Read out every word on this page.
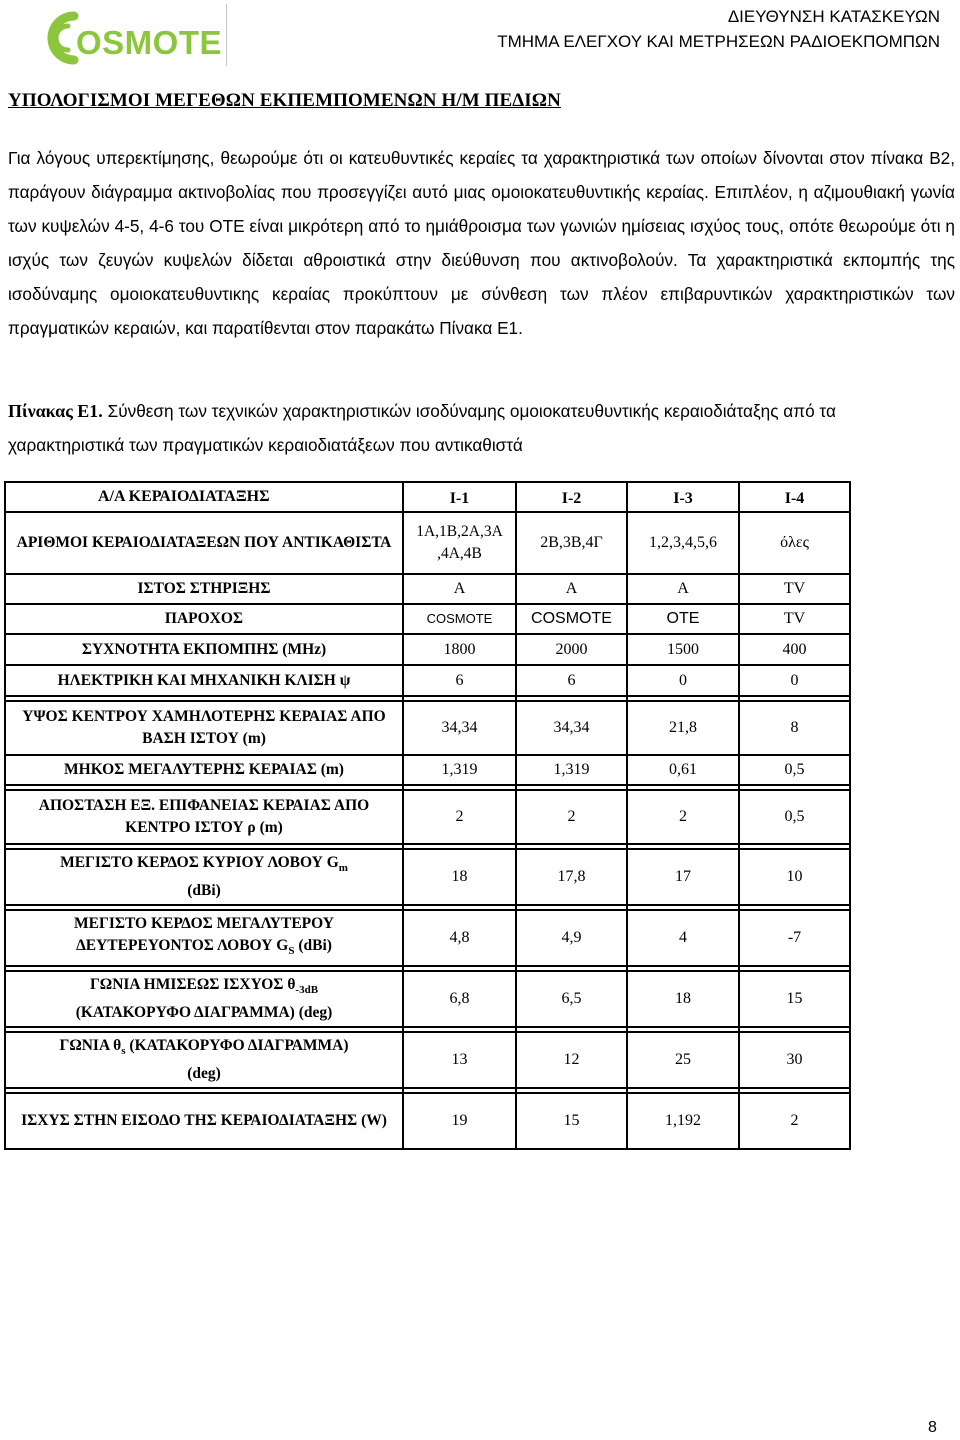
OSMOTE
ΔΙΕΥΘΥΝΣΗ ΚΑΤΑΣΚΕΥΩΝ
ΤΜΗΜΑ ΕΛΕΓΧΟΥ ΚΑΙ ΜΕΤΡΗΣΕΩΝ ΡΑΔΙΟΕΚΠΟΜΠΩΝ
ΥΠΟΛΟΓΙΣΜΟΙ ΜΕΓΕΘΩΝ ΕΚΠΕΜΠΟΜΕΝΩΝ Η/Μ ΠΕΔΙΩΝ
Για λόγους υπερεκτίμησης, θεωρούμε ότι οι κατευθυντικές κεραίες τα χαρακτηριστικά των οποίων δίνονται στον πίνακα Β2, παράγουν διάγραμμα ακτινοβολίας που προσεγγίζει αυτό μιας ομοιοκατευθυντικής κεραίας. Επιπλέον, η αζιμουθιακή γωνία των κυψελών 4-5, 4-6 του ΟΤΕ είναι μικρότερη από το ημιάθροισμα των γωνιών ημίσειας ισχύος τους, οπότε θεωρούμε ότι η ισχύς των ζευγών κυψελών δίδεται αθροιστικά στην διεύθυνση που ακτινοβολούν. Τα χαρακτηριστικά εκπομπής της ισοδύναμης ομοιοκατευθυντικης κεραίας προκύπτουν με σύνθεση των πλέον επιβαρυντικών χαρακτηριστικών των πραγματικών κεραιών, και παρατίθενται στον παρακάτω Πίνακα Ε1.
Πίνακας Ε1. Σύνθεση των τεχνικών χαρακτηριστικών ισοδύναμης ομοιοκατευθυντικής κεραιοδιάταξης από τα χαρακτηριστικά των πραγματικών κεραιοδιατάξεων που αντικαθιστά
Α/Α ΚΕΡΑΙΟΔΙΑΤΑΞΗΣ	Ι-1	Ι-2	Ι-3	Ι-4
ΑΡΙΘΜΟΙ ΚΕΡΑΙΟΔΙΑΤΑΞΕΩΝ ΠΟΥ ΑΝΤΙΚΑΘΙΣΤΑ	1Α,1Β,2Α,3Α ,4Α,4Β	2Β,3Β,4Γ	1,2,3,4,5,6	όλες
ΙΣΤΟΣ ΣΤΗΡΙΞΗΣ	Α	Α	Α	TV
ΠΑΡΟΧΟΣ	COSMOTE	COSMOTE	ΟΤΕ	TV
ΣΥΧΝΟΤΗΤΑ ΕΚΠΟΜΠΗΣ (MHz)	1800	2000	1500	400
ΗΛΕΚΤΡΙΚΗ ΚΑΙ ΜΗΧΑΝΙΚΗ ΚΛΙΣΗ ψ	6	6	0	0

ΥΨΟΣ ΚΕΝΤΡΟΥ ΧΑΜΗΛΟΤΕΡΗΣ ΚΕΡΑΙΑΣ ΑΠΟ ΒΑΣΗ ΙΣΤΟΥ (m)	34,34	34,34	21,8	8
ΜΗΚΟΣ ΜΕΓΑΛΥΤΕΡΗΣ ΚΕΡΑΙΑΣ (m)	1,319	1,319	0,61	0,5

ΑΠΟΣΤΑΣΗ ΕΞ. ΕΠΙΦΑΝΕΙΑΣ ΚΕΡΑΙΑΣ ΑΠΟ ΚΕΝΤΡΟ ΙΣΤΟΥ ρ (m)	2	2	2	0,5

ΜΕΓΙΣΤΟ ΚΕΡΔΟΣ ΚΥΡΙΟΥ ΛΟΒΟΥ $G_m$
(dBi)	18	17,8	17	10

ΜΕΓΙΣΤΟ ΚΕΡΔΟΣ ΜΕΓΑΛΥΤΕΡΟΥ
ΔΕΥΤΕΡΕΥΟΝΤΟΣ ΛΟΒΟΥ $G_S$ (dBi)	4,8	4,9	4	-7

ΓΩΝΙΑ ΗΜΙΣΕΩΣ ΙΣΧΥΟΣ $\theta_{-3dB}$
(ΚΑΤΑΚΟΡΥΦΟ ΔΙΑΓΡΑΜΜΑ) (deg)	6,8	6,5	18	15

ΓΩΝΙΑ $\theta_s$ (ΚΑΤΑΚΟΡΥΦΟ ΔΙΑΓΡΑΜΜΑ)
(deg)	13	12	25	30

ΙΣΧΥΣ ΣΤΗΝ ΕΙΣΟΔΟ ΤΗΣ ΚΕΡΑΙΟΔΙΑΤΑΞΗΣ (W)	19	15	1,192	2
8
